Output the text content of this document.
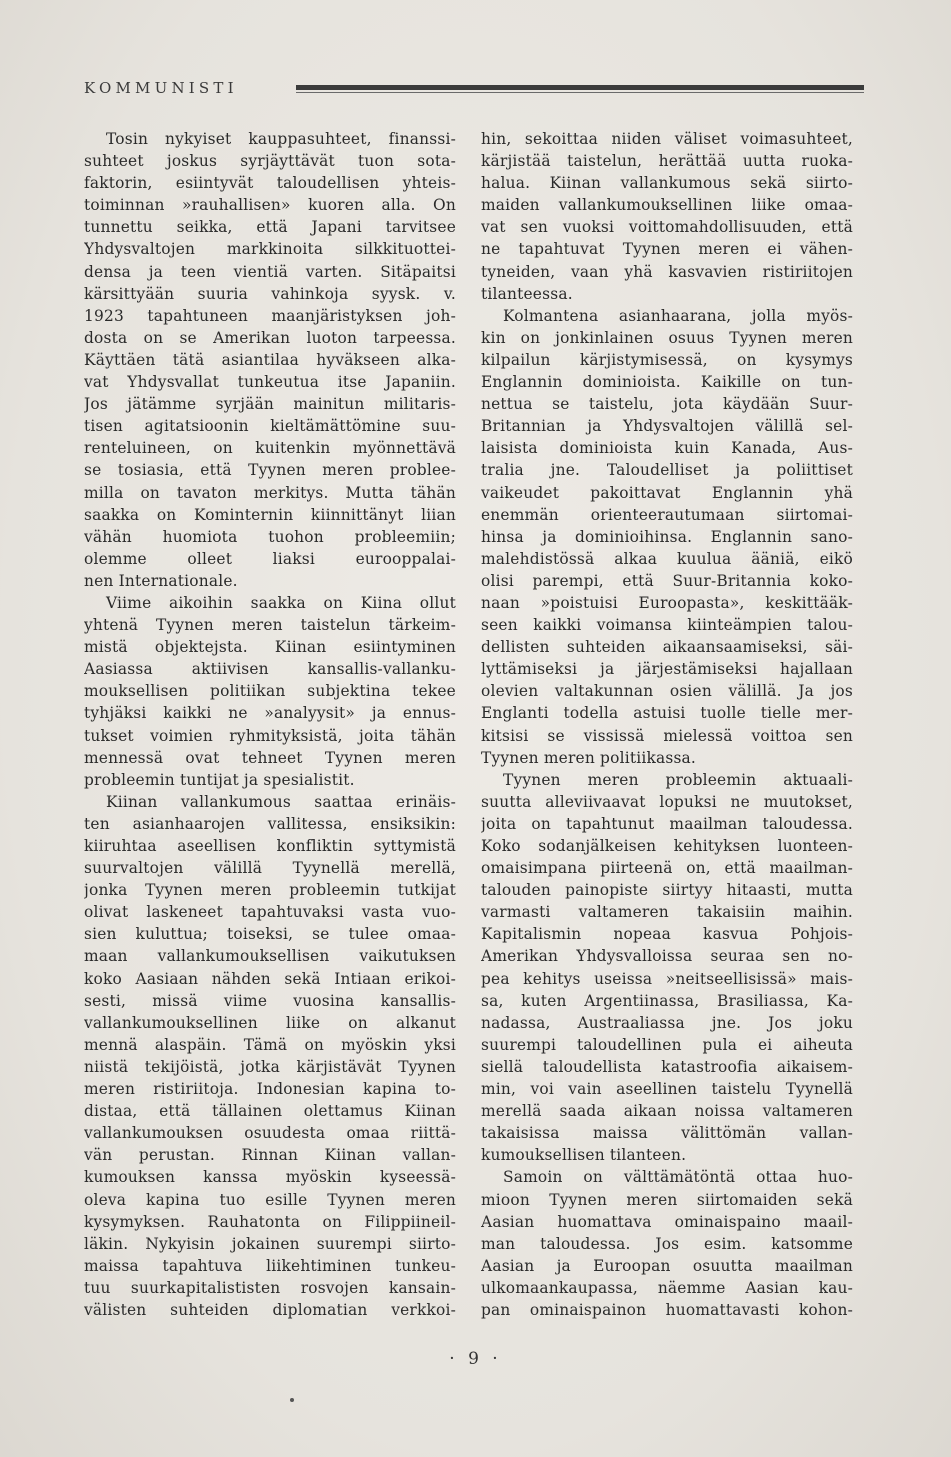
KOMMUNISTI
Tosin nykyiset kauppasuhteet, finanssi-
suhteet joskus syrjäyttävät tuon sota-
faktorin, esiintyvät taloudellisen yhteis-
toiminnan »rauhallisen» kuoren alla. On
tunnettu seikka, että Japani tarvitsee
Yhdysvaltojen markkinoita silkkituottei-
densa ja teen vientiä varten. Sitäpaitsi
kärsittyään suuria vahinkoja syysk. v.
1923 tapahtuneen maanjäristyksen joh-
dosta on se Amerikan luoton tarpeessa.
Käyttäen tätä asiantilaa hyväkseen alka-
vat Yhdysvallat tunkeutua itse Japaniin.
Jos jätämme syrjään mainitun militaris-
tisen agitatsioonin kieltämättömine suu-
renteluineen, on kuitenkin myönnettävä
se tosiasia, että Tyynen meren problee-
milla on tavaton merkitys. Mutta tähän
saakka on Kominternin kiinnittänyt liian
vähän huomiota tuohon probleemiin;
olemme olleet liaksi eurooppalai-
nen Internationale.
Viime aikoihin saakka on Kiina ollut
yhtenä Tyynen meren taistelun tärkeim-
mistä objektejsta. Kiinan esiintyminen
Aasiassa aktiivisen kansallis-vallanku-
mouksellisen politiikan subjektina tekee
tyhjäksi kaikki ne »analyysit» ja ennus-
tukset voimien ryhmityksistä, joita tähän
mennessä ovat tehneet Tyynen meren
probleemin tuntijat ja spesialistit.
Kiinan vallankumous saattaa erinäis-
ten asianhaarojen vallitessa, ensiksikin:
kiiruhtaa aseellisen konfliktin syttymistä
suurvaltojen välillä Tyynellä merellä,
jonka Tyynen meren probleemin tutkijat
olivat laskeneet tapahtuvaksi vasta vuo-
sien kuluttua; toiseksi, se tulee omaa-
maan vallankumouksellisen vaikutuksen
koko Aasiaan nähden sekä Intiaan erikoi-
sesti, missä viime vuosina kansallis-
vallankumouksellinen liike on alkanut
mennä alaspäin. Tämä on myöskin yksi
niistä tekijöistä, jotka kärjistävät Tyynen
meren ristiriitoja. Indonesian kapina to-
distaa, että tällainen olettamus Kiinan
vallankumouksen osuudesta omaa riittä-
vän perustan. Rinnan Kiinan vallan-
kumouksen kanssa myöskin kyseessä-
oleva kapina tuo esille Tyynen meren
kysymyksen. Rauhatonta on Filippiineil-
läkin. Nykyisin jokainen suurempi siirto-
maissa tapahtuva liikehtiminen tunkeu-
tuu suurkapitalististen rosvojen kansain-
välisten suhteiden diplomatian verkkoi-
hin, sekoittaa niiden väliset voimasuhteet,
kärjistää taistelun, herättää uutta ruoka-
halua. Kiinan vallankumous sekä siirto-
maiden vallankumouksellinen liike omaa-
vat sen vuoksi voittomahdollisuuden, että
ne tapahtuvat Tyynen meren ei vähen-
tyneiden, vaan yhä kasvavien ristiriitojen
tilanteessa.
Kolmantena asianhaarana, jolla myös-
kin on jonkinlainen osuus Tyynen meren
kilpailun kärjistymisessä, on kysymys
Englannin dominioista. Kaikille on tun-
nettua se taistelu, jota käydään Suur-
Britannian ja Yhdysvaltojen välillä sel-
laisista dominioista kuin Kanada, Aus-
tralia jne. Taloudelliset ja poliittiset
vaikeudet pakoittavat Englannin yhä
enemmän orienteerautumaan siirtomai-
hinsa ja dominioihinsa. Englannin sano-
malehdistössä alkaa kuulua ääniä, eikö
olisi parempi, että Suur-Britannia koko-
naan »poistuisi Euroopasta», keskittääk-
seen kaikki voimansa kiinteämpien talou-
dellisten suhteiden aikaansaamiseksi, säi-
lyttämiseksi ja järjestämiseksi hajallaan
olevien valtakunnan osien välillä. Ja jos
Englanti todella astuisi tuolle tielle mer-
kitsisi se vississä mielessä voittoa sen
Tyynen meren politiikassa.
Tyynen meren probleemin aktuaali-
suutta alleviivaavat lopuksi ne muutokset,
joita on tapahtunut maailman taloudessa.
Koko sodanjälkeisen kehityksen luonteen-
omaisimpana piirteenä on, että maailman-
talouden painopiste siirtyy hitaasti, mutta
varmasti valtameren takaisiin maihin.
Kapitalismin nopeaa kasvua Pohjois-
Amerikan Yhdysvalloissa seuraa sen no-
pea kehitys useissa »neitseellisissä» mais-
sa, kuten Argentiinassa, Brasiliassa, Ka-
nadassa, Austraaliassa jne. Jos joku
suurempi taloudellinen pula ei aiheuta
siellä taloudellista katastroofia aikaisem-
min, voi vain aseellinen taistelu Tyynellä
merellä saada aikaan noissa valtameren
takaisissa maissa välittömän vallan-
kumouksellisen tilanteen.
Samoin on välttämätöntä ottaa huo-
mioon Tyynen meren siirtomaiden sekä
Aasian huomattava ominaispaino maail-
man taloudessa. Jos esim. katsomme
Aasian ja Euroopan osuutta maailman
ulkomaankaupassa, näemme Aasian kau-
pan ominaispainon huomattavasti kohon-
· 9 ·
